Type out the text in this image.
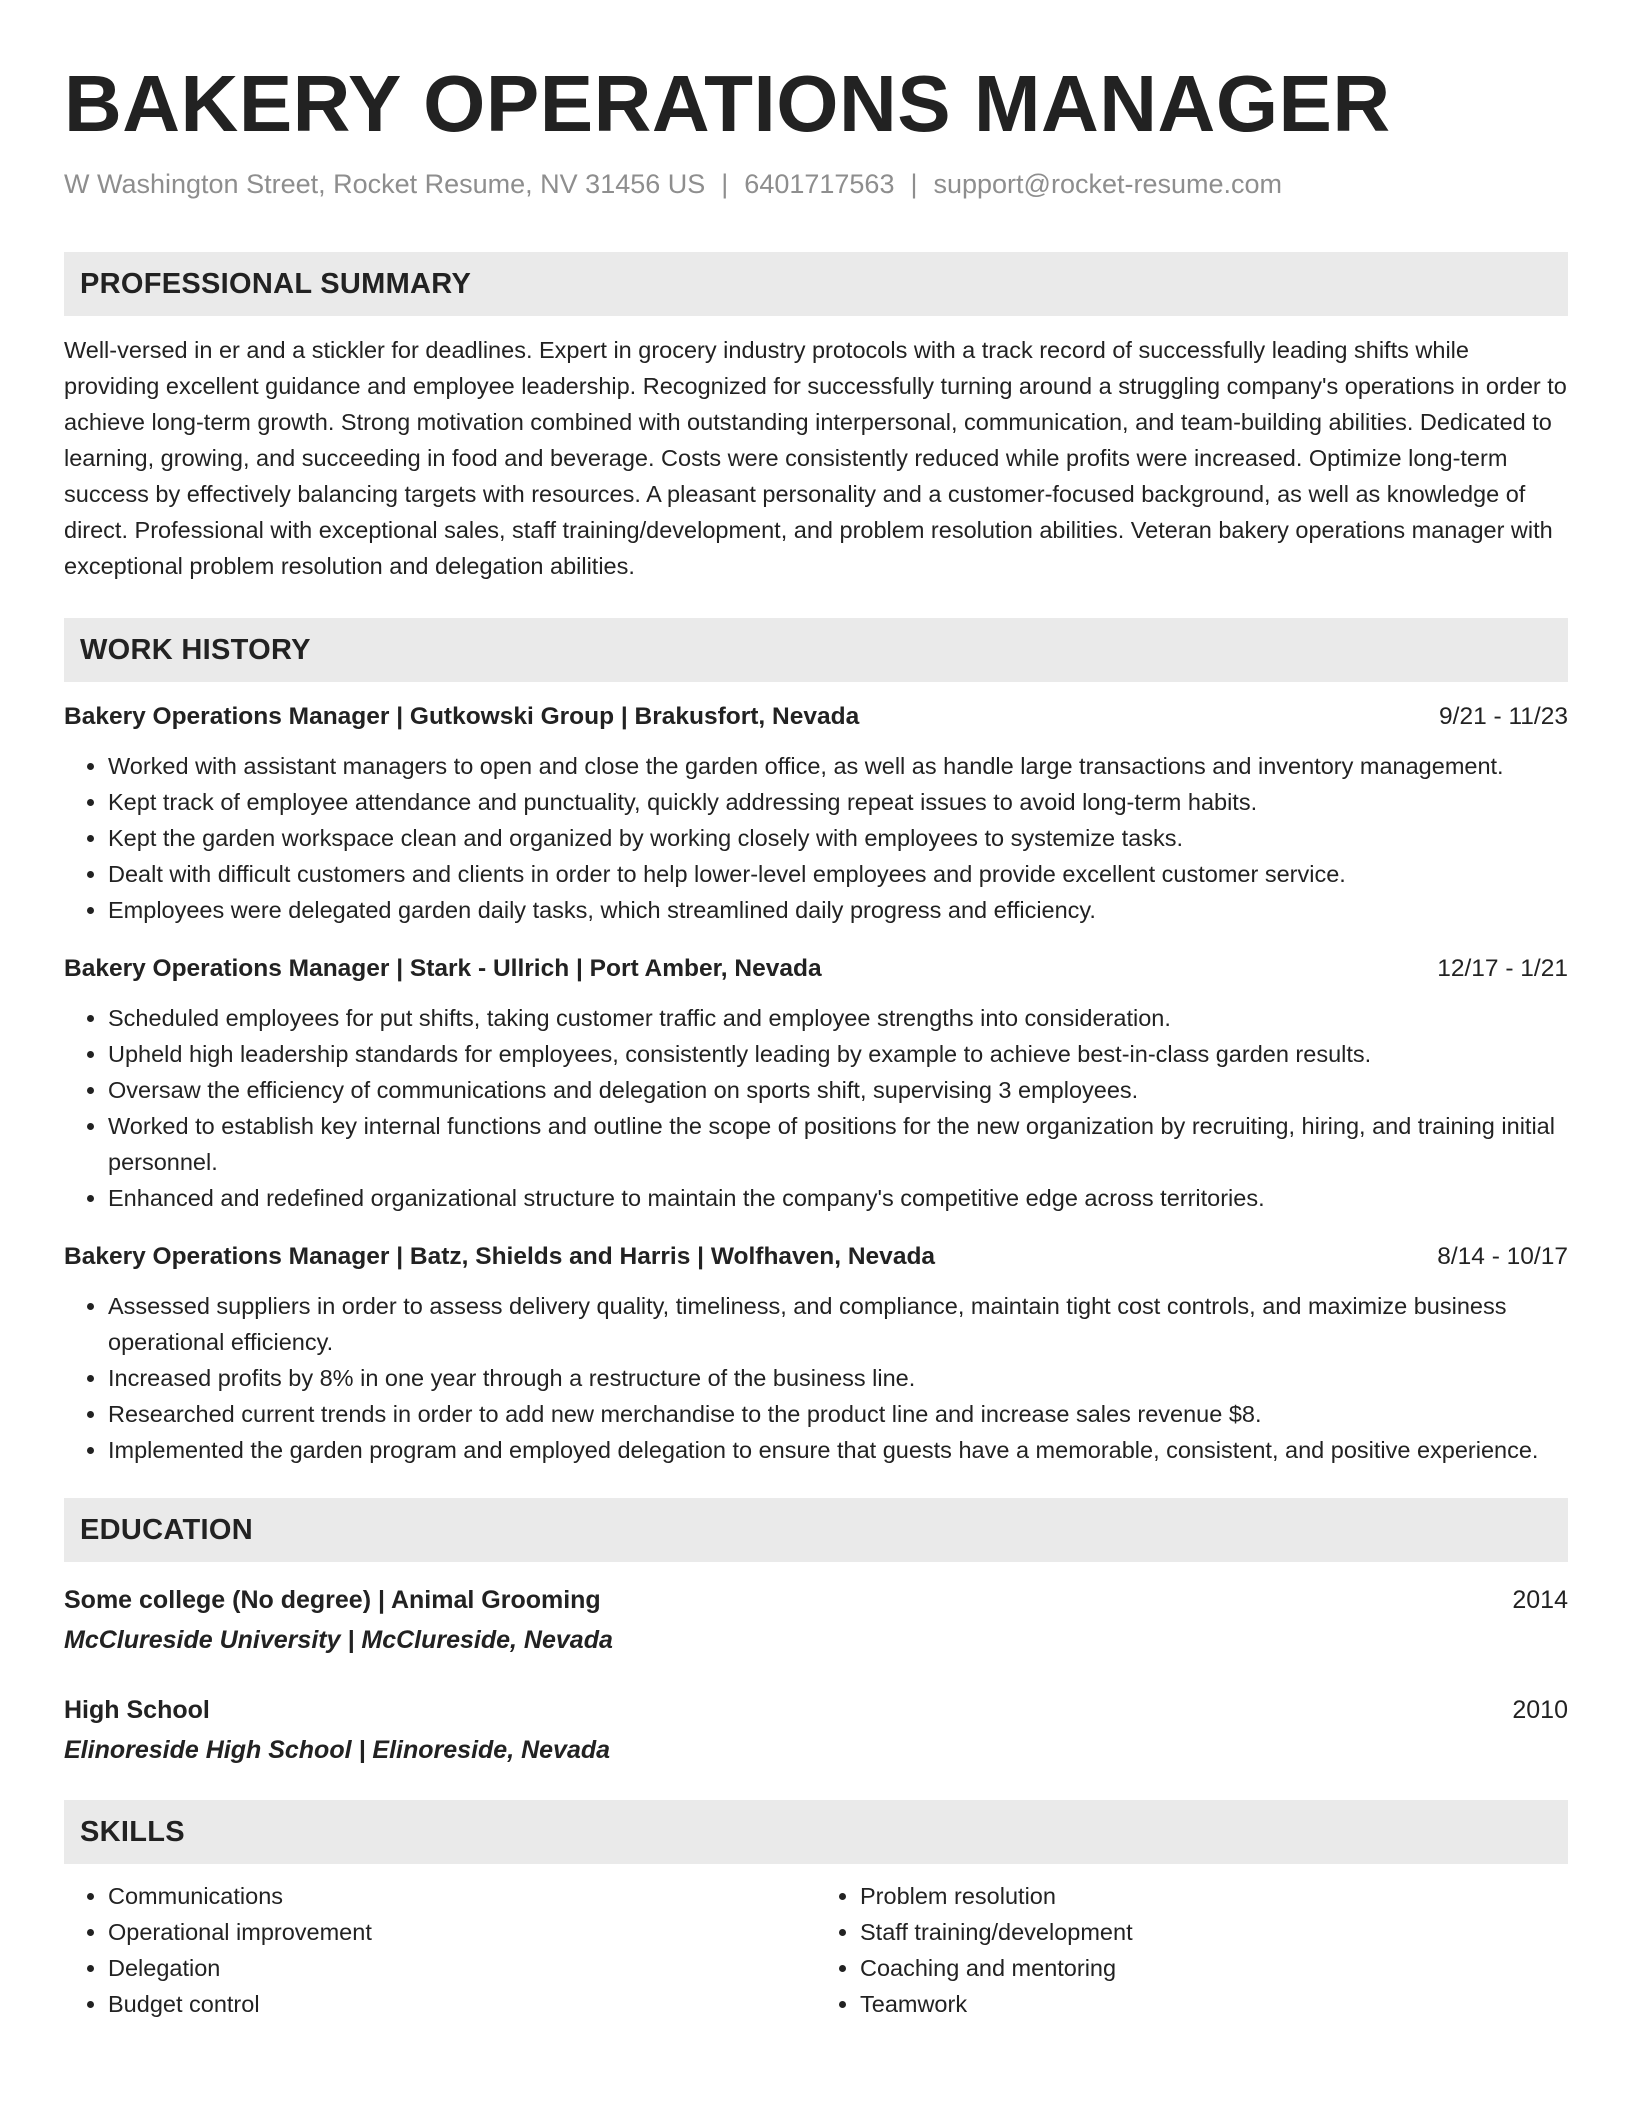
BAKERY OPERATIONS MANAGER
W Washington Street, Rocket Resume, NV 31456 US | 6401717563 | support@rocket-resume.com
PROFESSIONAL SUMMARY

Well-versed in er and a stickler for deadlines. Expert in grocery industry protocols with a track record of successfully leading shifts while providing excellent guidance and employee leadership. Recognized for successfully turning around a struggling company's operations in order to achieve long-term growth. Strong motivation combined with outstanding interpersonal, communication, and team-building abilities. Dedicated to learning, growing, and succeeding in food and beverage. Costs were consistently reduced while profits were increased. Optimize long-term success by effectively balancing targets with resources. A pleasant personality and a customer-focused background, as well as knowledge of direct. Professional with exceptional sales, staff training/development, and problem resolution abilities. Veteran bakery operations manager with exceptional problem resolution and delegation abilities.

WORK HISTORY
Bakery Operations Manager | Gutkowski Group | Brakusfort, Nevada	9/21 - 11/23
• Worked with assistant managers to open and close the garden office, as well as handle large transactions and inventory management.
• Kept track of employee attendance and punctuality, quickly addressing repeat issues to avoid long-term habits.
• Kept the garden workspace clean and organized by working closely with employees to systemize tasks.
• Dealt with difficult customers and clients in order to help lower-level employees and provide excellent customer service.
• Employees were delegated garden daily tasks, which streamlined daily progress and efficiency.
Bakery Operations Manager | Stark - Ullrich | Port Amber, Nevada	12/17 - 1/21
• Scheduled employees for put shifts, taking customer traffic and employee strengths into consideration.
• Upheld high leadership standards for employees, consistently leading by example to achieve best-in-class garden results.
• Oversaw the efficiency of communications and delegation on sports shift, supervising 3 employees.
• Worked to establish key internal functions and outline the scope of positions for the new organization by recruiting, hiring, and training initial personnel.
• Enhanced and redefined organizational structure to maintain the company's competitive edge across territories.
Bakery Operations Manager | Batz, Shields and Harris | Wolfhaven, Nevada	8/14 - 10/17
• Assessed suppliers in order to assess delivery quality, timeliness, and compliance, maintain tight cost controls, and maximize business operational efficiency.
• Increased profits by 8% in one year through a restructure of the business line.
• Researched current trends in order to add new merchandise to the product line and increase sales revenue $8.
• Implemented the garden program and employed delegation to ensure that guests have a memorable, consistent, and positive experience.
EDUCATION
Some college (No degree) | Animal Grooming	2014
McClureside University | McClureside, Nevada
High School	2010
Elinoreside High School | Elinoreside, Nevada
SKILLS
• Communications
• Operational improvement
• Delegation
• Budget control
• Problem resolution
• Staff training/development
• Coaching and mentoring
• Teamwork
